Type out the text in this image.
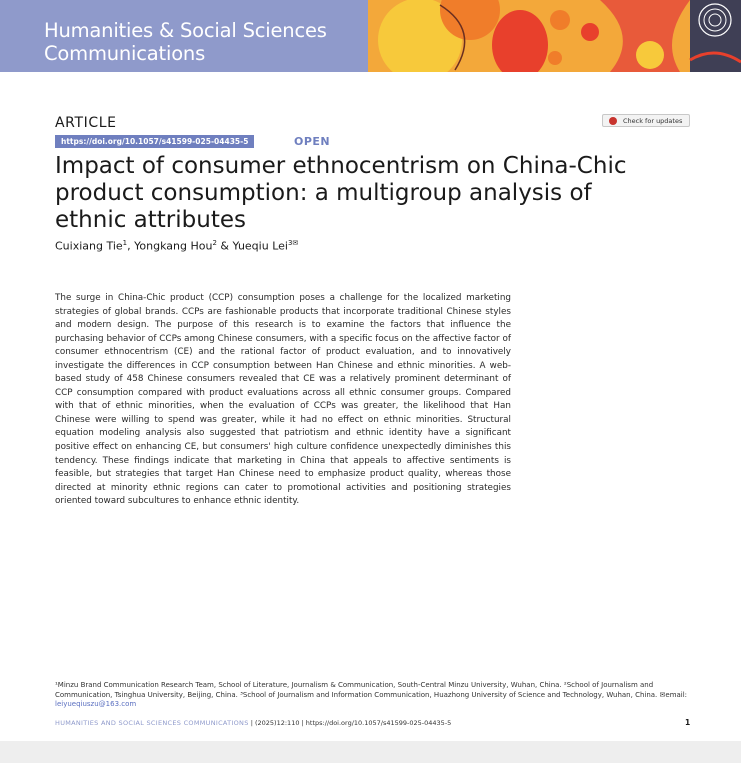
Humanities & Social Sciences
Communications
ARTICLE
https://doi.org/10.1057/s41599-025-04435-5	OPEN
Check for updates
Impact of consumer ethnocentrism on China-Chic
product consumption: a multigroup analysis of
ethnic attributes
Cuixiang Tie$^1$, Yongkang Hou$^2$ & Yueqiu Lei$^{3✉}$

The surge in China-Chic product (CCP) consumption poses a challenge for the localized marketing strategies of global brands. CCPs are fashionable products that incorporate traditional Chinese styles and modern design. The purpose of this research is to examine the factors that influence the purchasing behavior of CCPs among Chinese consumers, with a specific focus on the affective factor of consumer ethnocentrism (CE) and the rational factor of product evaluation, and to innovatively investigate the differences in CCP consumption between Han Chinese and ethnic minorities. A web-based study of 458 Chinese consumers revealed that CE was a relatively prominent determinant of CCP consumption compared with product evaluations across all ethnic consumer groups. Compared with that of ethnic minorities, when the evaluation of CCPs was greater, the likelihood that Han Chinese were willing to spend was greater, while it had no effect on ethnic minorities. Structural equation modeling analysis also suggested that patriotism and ethnic identity have a significant positive effect on enhancing CE, but consumers' high culture confidence unexpectedly diminishes this tendency. These findings indicate that marketing in China that appeals to affective sentiments is feasible, but strategies that target Han Chinese need to emphasize product quality, whereas those directed at minority ethnic regions can cater to promotional activities and positioning strategies oriented toward subcultures to enhance ethnic identity.

¹Minzu Brand Communication Research Team, School of Literature, Journalism & Communication, South-Central Minzu University, Wuhan, China. ²School of Journalism and Communication, Tsinghua University, Beijing, China. ³School of Journalism and Information Communication, Huazhong University of Science and Technology, Wuhan, China. ✉email: leiyueqiuszu@163.com

HUMANITIES AND SOCIAL SCIENCES COMMUNICATIONS | (2025)12:110 | https://doi.org/10.1057/s41599-025-04435-5	1
